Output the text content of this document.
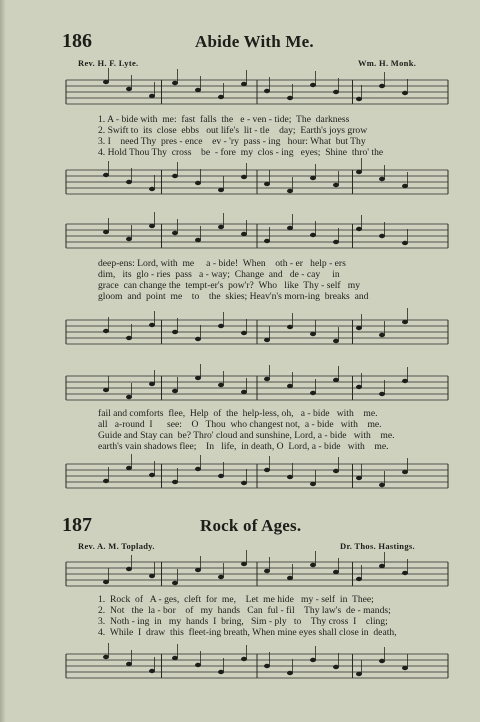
186	Abide With Me.
Rev. H. F. Lyte.	Wm. H. Monk.
1. A - bide with  me:  fast  falls  the   e - ven - tide;  The  darkness
2. Swift to  its  close  ebbs   out life's  lit - tle    day;  Earth's joys grow
3. I    need Thy  pres - ence    ev - 'ry  pass - ing   hour: What  but Thy
4. Hold Thou Thy  cross    be  - fore  my  clos - ing   eyes;  Shine  thro' the
deep-ens: Lord, with  me     a - bide!  When    oth - er   help - ers
dim,   its  glo - ries  pass   a - way;  Change  and   de - cay     in
grace  can change the  tempt-er's  pow'r?  Who   like  Thy - self   my
gloom  and  point  me    to    the  skies; Heav'n's morn-ing  breaks  and
fail and comforts  flee,  Help  of  the  help-less, oh,   a - bide   with    me.
all   a-round  I      see:    O   Thou  who changest not,  a - bide   with    me.
Guide and Stay can  be? Thro' cloud and sunshine, Lord, a - bide   with    me.
earth's vain shadows flee;    In   life,  in death, O  Lord, a - bide   with    me.
187	Rock of Ages.
Rev. A. M. Toplady.	Dr. Thos. Hastings.
1.  Rock  of   A - ges,  cleft  for  me,    Let  me hide   my - self  in  Thee;
2.  Not   the  la - bor    of   my  hands   Can  ful - fil    Thy law's  de - mands;
3.  Noth - ing  in   my  hands  I  bring,   Sim - ply   to    Thy cross  I    cling;
4.  While  I  draw  this  fleet-ing breath, When mine eyes shall close in  death,
